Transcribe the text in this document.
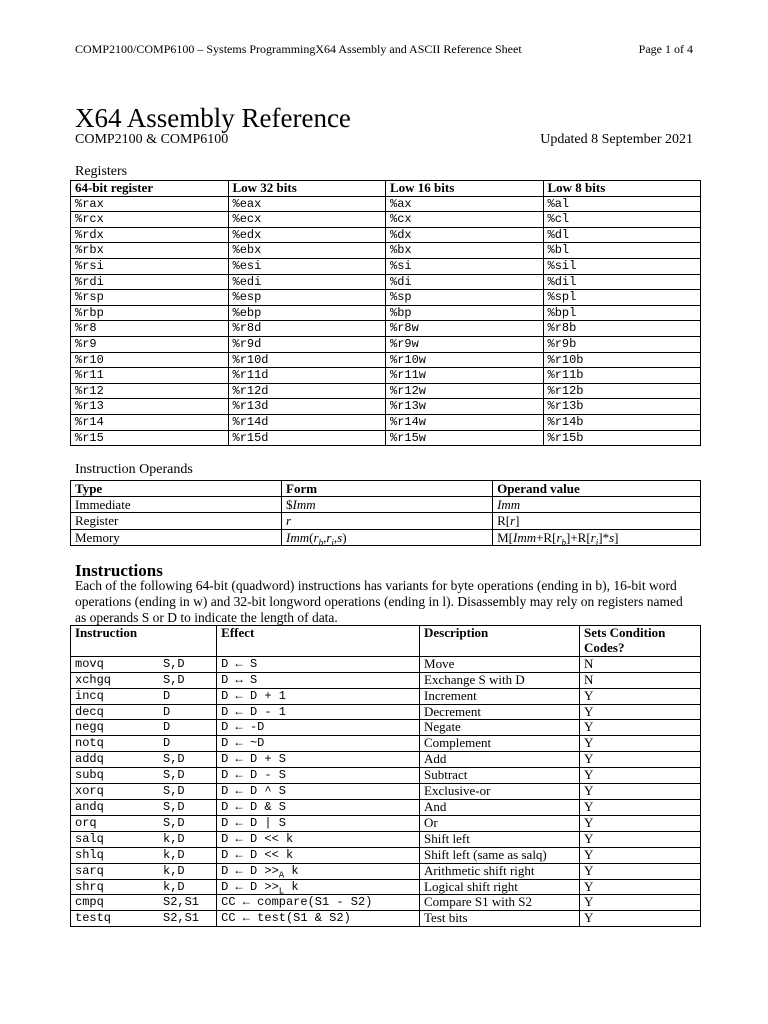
COMP2100/COMP6100 – Systems ProgrammingX64 Assembly and ASCII Reference Sheet	Page 1 of 4
X64 Assembly Reference
COMP2100 & COMP6100	Updated 8 September 2021
Registers
64-bit register	Low 32 bits	Low 16 bits	Low 8 bits
%rax	%eax	%ax	%al
%rcx	%ecx	%cx	%cl
%rdx	%edx	%dx	%dl
%rbx	%ebx	%bx	%bl
%rsi	%esi	%si	%sil
%rdi	%edi	%di	%dil
%rsp	%esp	%sp	%spl
%rbp	%ebp	%bp	%bpl
%r8	%r8d	%r8w	%r8b
%r9	%r9d	%r9w	%r9b
%r10	%r10d	%r10w	%r10b
%r11	%r11d	%r11w	%r11b
%r12	%r12d	%r12w	%r12b
%r13	%r13d	%r13w	%r13b
%r14	%r14d	%r14w	%r14b
%r15	%r15d	%r15w	%r15b
Instruction Operands
Type	Form	Operand value
Immediate	$Imm	Imm
Register	r	R[r]
Memory	$Imm(r_b,r_i,s)$	$M[Imm+R[r_b]+R[r_i]*s]$
Instructions
Each of the following 64-bit (quadword) instructions has variants for byte operations (ending in b), 16-bit word operations (ending in w) and 32-bit longword operations (ending in l). Disassembly may rely on registers named as operands S or D to indicate the length of data.
Instruction	Effect	Description	Sets Condition Codes?
movq S,D	D ← S	Move	N
xchgq S,D	D ↔ S	Exchange S with D	N
incq D	D ← D + 1	Increment	Y
decq D	D ← D - 1	Decrement	Y
negq D	D ← -D	Negate	Y
notq D	D ← ~D	Complement	Y
addq S,D	D ← D + S	Add	Y
subq S,D	D ← D - S	Subtract	Y
xorq S,D	D ← D ^ S	Exclusive-or	Y
andq S,D	D ← D & S	And	Y
orq S,D	D ← D | S	Or	Y
salq k,D	D ← D << k	Shift left	Y
shlq k,D	D ← D << k	Shift left (same as salq)	Y
sarq k,D	D ← $D >>_A$ k	Arithmetic shift right	Y
shrq k,D	D ← $D >>_L$ k	Logical shift right	Y
cmpq S2,S1	CC ← compare(S1 - S2)	Compare S1 with S2	Y
testq S2,S1	CC ← test(S1 & S2)	Test bits	Y
